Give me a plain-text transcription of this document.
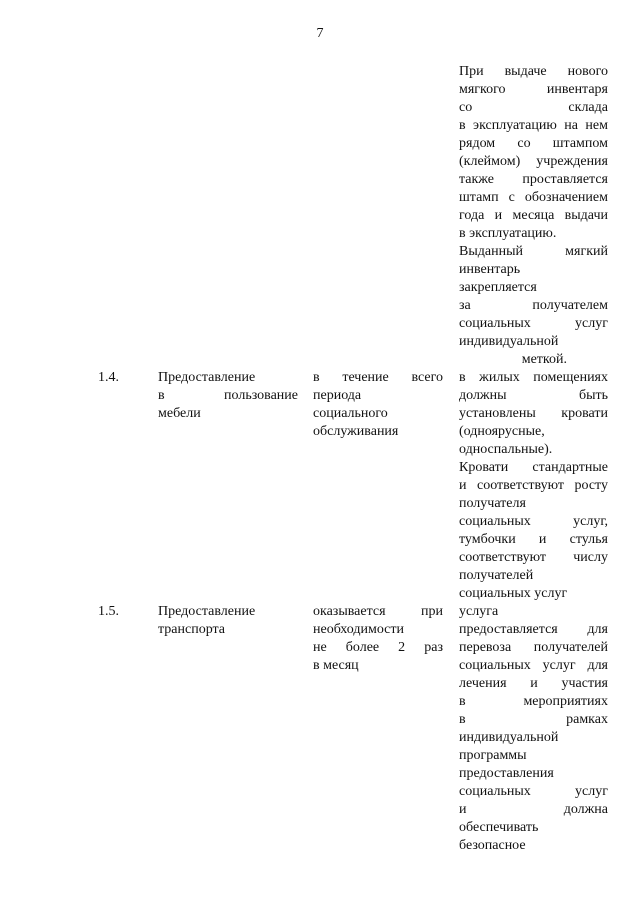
7
При выдаче нового
мягкого инвентаря
со склада
в эксплуатацию на нем
рядом со штампом
(клеймом) учреждения
также проставляется
штамп с обозначением
года и месяца выдачи
в эксплуатацию.
Выданный мягкий
инвентарь
закрепляется
за получателем
социальных услуг
индивидуальной
меткой.
1.4.	Предоставление
в пользование
мебели
в течение всего
периода
социального
обслуживания
в жилых помещениях
должны быть
установлены кровати
(одноярусные,
односпальные).
Кровати стандартные
и соответствуют росту
получателя
социальных услуг,
тумбочки и стулья
соответствуют числу
получателей
социальных услуг
1.5.	Предоставление
транспорта
оказывается при
необходимости
не более 2 раз
в месяц
услуга
предоставляется для
перевоза получателей
социальных услуг для
лечения и участия
в мероприятиях
в рамках
индивидуальной
программы
предоставления
социальных услуг
и должна
обеспечивать
безопасное
